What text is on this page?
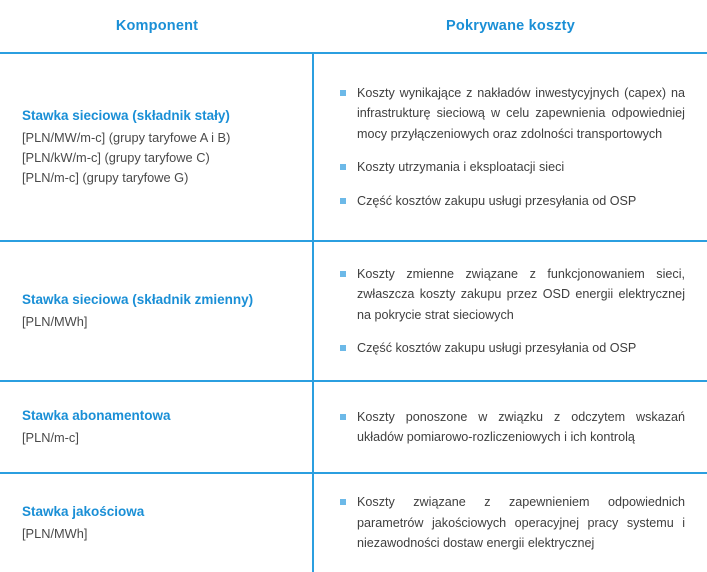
Komponent	Pokrywane koszty
Stawka sieciowa (składnik stały)
[PLN/MW/m-c] (grupy taryfowe A i B)
[PLN/kW/m-c] (grupy taryfowe C)
[PLN/m-c] (grupy taryfowe G)
Koszty wynikające z nakładów inwestycyjnych (capex) na infrastrukturę sieciową w celu zapewnienia odpowiedniej mocy przyłączeniowych oraz zdolności transportowych
Koszty utrzymania i eksploatacji sieci
Część kosztów zakupu usługi przesyłania od OSP
Stawka sieciowa (składnik zmienny)
[PLN/MWh]
Koszty zmienne związane z funkcjonowaniem sieci, zwłaszcza koszty zakupu przez OSD energii elektrycznej na pokrycie strat sieciowych
Część kosztów zakupu usługi przesyłania od OSP
Stawka abonamentowa
[PLN/m-c]
Koszty ponoszone w związku z odczytem wskazań układów pomiarowo-rozliczeniowych i ich kontrolą
Stawka jakościowa
[PLN/MWh]
Koszty związane z zapewnieniem odpowiednich parametrów jakościowych operacyjnej pracy systemu i niezawodności dostaw energii elektrycznej
